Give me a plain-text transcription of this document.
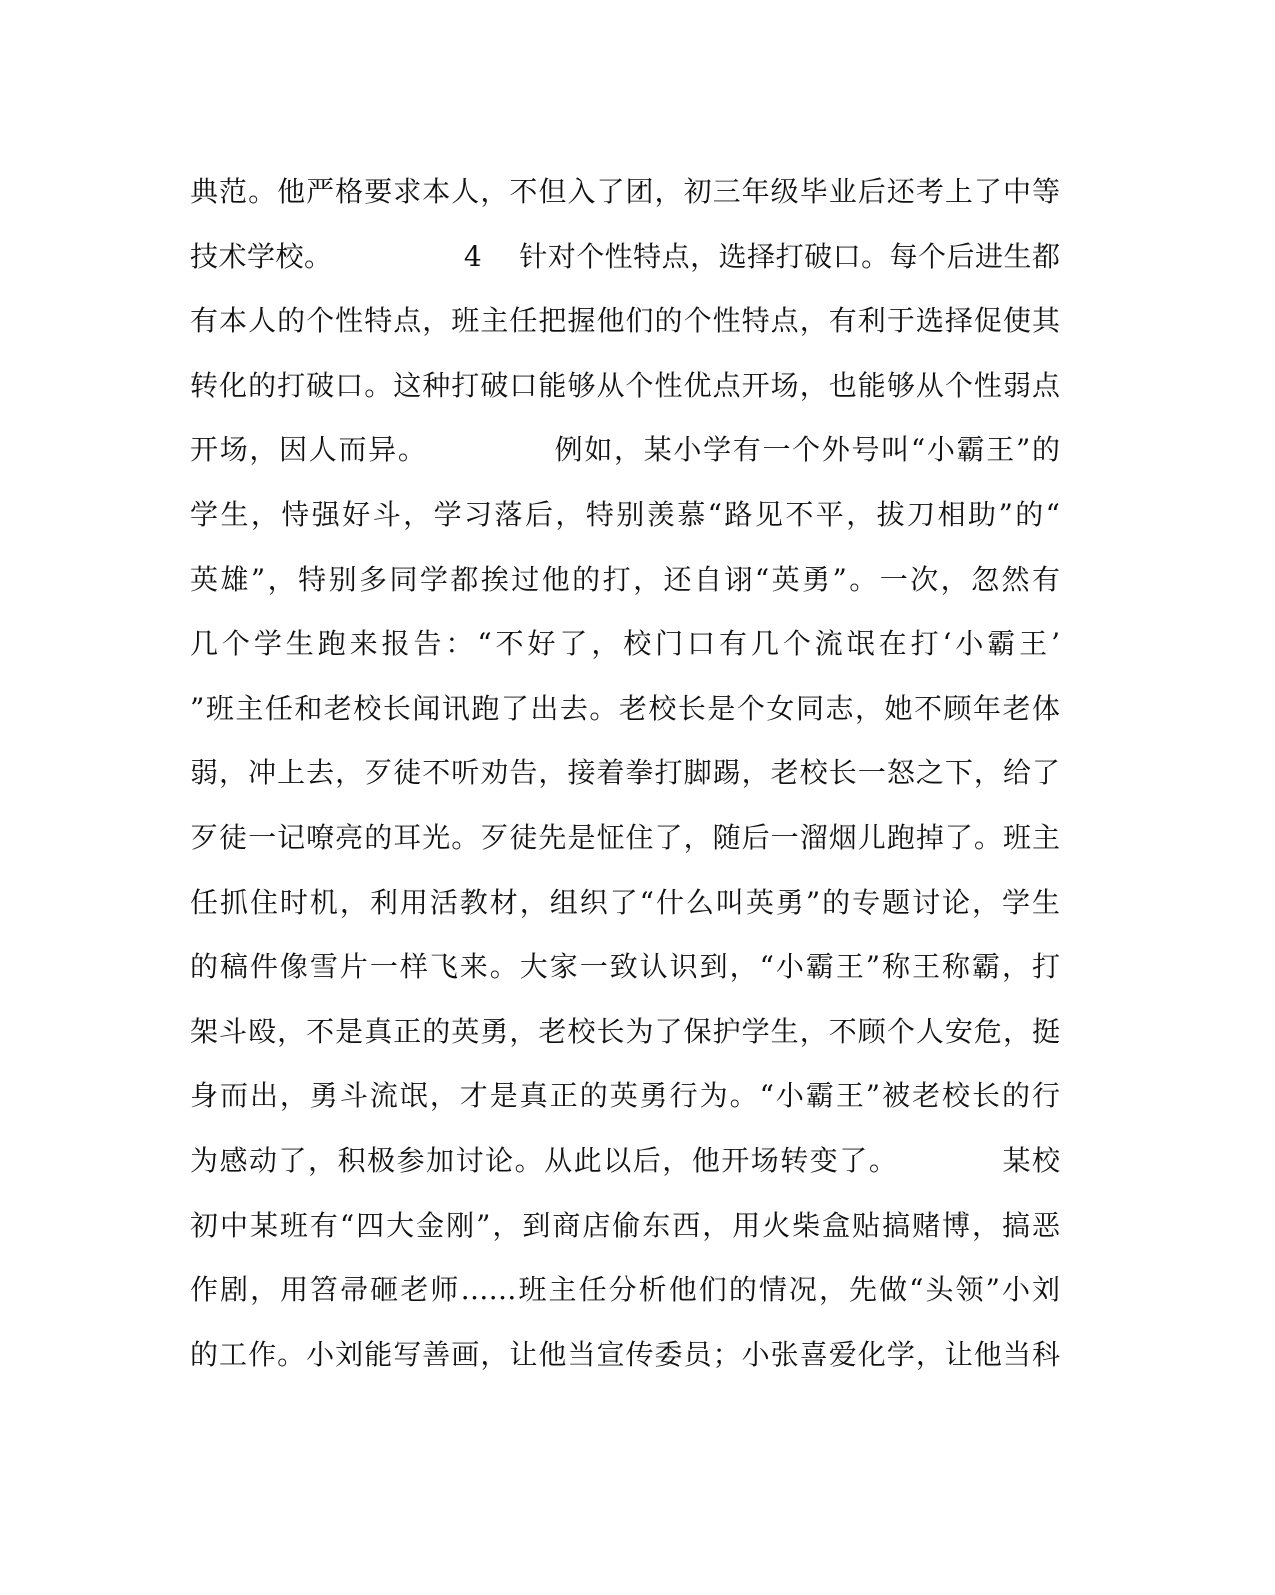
典范。他严格要求本人，不但入了团，初三年级毕业后还考上了中等
技术学校。              4    针对个性特点，选择打破口。每个后进生都
有本人的个性特点，班主任把握他们的个性特点，有利于选择促使其
转化的打破口。这种打破口能够从个性优点开场，也能够从个性弱点
开场，因人而异。            例如，某小学有一个外号叫“小霸王”的
学生，恃强好斗，学习落后，特别羡慕“路见不平，拔刀相助”的“
英雄”，特别多同学都挨过他的打，还自诩“英勇”。一次，忽然有
几个学生跑来报告：“不好了，校门口有几个流氓在打‘小霸王’
”班主任和老校长闻讯跑了出去。老校长是个女同志，她不顾年老体
弱，冲上去，歹徒不听劝告，接着拳打脚踢，老校长一怒之下，给了
歹徒一记嘹亮的耳光。歹徒先是怔住了，随后一溜烟儿跑掉了。班主
任抓住时机，利用活教材，组织了“什么叫英勇”的专题讨论，学生
的稿件像雪片一样飞来。大家一致认识到，“小霸王”称王称霸，打
架斗殴，不是真正的英勇，老校长为了保护学生，不顾个人安危，挺
身而出，勇斗流氓，才是真正的英勇行为。“小霸王”被老校长的行
为感动了，积极参加讨论。从此以后，他开场转变了。          某校
初中某班有“四大金刚”，到商店偷东西，用火柴盒贴搞赌博，搞恶
作剧，用笤帚砸老师……班主任分析他们的情况，先做“头领”小刘
的工作。小刘能写善画，让他当宣传委员；小张喜爱化学，让他当科
